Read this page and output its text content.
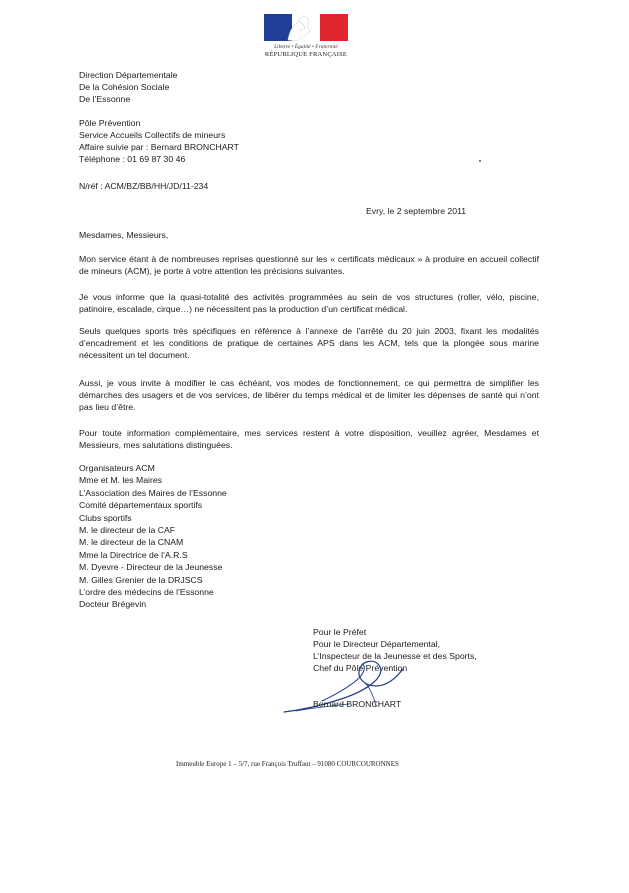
Liberté • Égalité • Fraternité
RÉPUBLIQUE FRANÇAISE
Direction Départementale
De la Cohésion Sociale
De l’Essonne
Pôle Prévention
Service Accueils Collectifs de mineurs
Affaire suivie par : Bernard BRONCHART
Téléphone : 01 69 87 30 46
N/réf : ACM/BZ/BB/HH/JD/11-234
Evry, le 2 septembre 2011
Mesdames, Messieurs,
Mon service étant à de nombreuses reprises questionné sur les « certificats médicaux » à produire en accueil collectif de mineurs (ACM), je porte à votre attention les précisions suivantes.
Je vous informe que la quasi-totalité des activités programmées au sein de vos structures (roller, vélo, piscine, patinoire, escalade, cirque…) ne nécessitent pas la production d’un certificat médical.
Seuls quelques sports très spécifiques en référence à l’annexe de l’arrêté du 20 juin 2003, fixant les modalités d’encadrement et les conditions de pratique de certaines APS dans les ACM, tels que la plongée sous marine nécessitent un tel document.
Aussi, je vous invite à modifier le cas échéant, vos modes de fonctionnement, ce qui permettra de simplifier les démarches des usagers et de vos services, de libérer du temps médical et de limiter les dépenses de santé qui n’ont pas lieu d’être.
Pour toute information complémentaire, mes services restent à votre disposition, veuillez agréer, Mesdames et Messieurs, mes salutations distinguées.
Organisateurs ACM
Mme et M. les Maires
L’Association des Maires de l’Essonne
Comité départementaux sportifs
Clubs sportifs
M. le directeur de la CAF
M. le directeur de la CNAM
Mme la Directrice de l’A.R.S
M. Dyevre - Directeur de la Jeunesse
M. Gilles Grenier de la DRJSCS
L’ordre des médecins de l’Essonne
Docteur Brégevin
Pour le Préfet
Pour le Directeur Départemental,
L’Inspecteur de la Jeunesse et des Sports,
Chef du Pôle Prévention
Bernard BRONCHART
Immeuble Europe 1 – 5/7, rue François Truffaut – 91080 COURCOURONNES
